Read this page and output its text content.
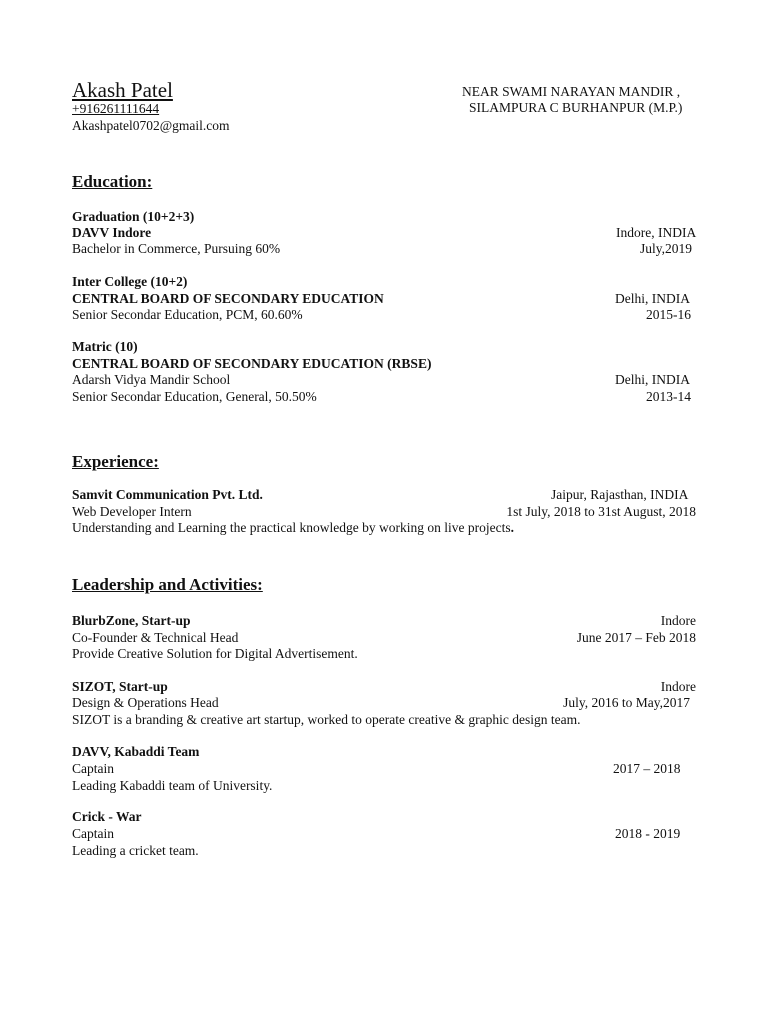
Akash Patel
+916261111644
Akashpatel0702@gmail.com
NEAR SWAMI NARAYAN MANDIR ,
SILAMPURA C BURHANPUR (M.P.)
Education:
Graduation (10+2+3)
DAVV Indore
Bachelor in Commerce, Pursuing 60%
Indore, INDIA
July,2019
Inter College (10+2)
CENTRAL BOARD OF SECONDARY EDUCATION
Senior Secondar Education, PCM, 60.60%
Delhi, INDIA
2015-16
Matric (10)
CENTRAL BOARD OF SECONDARY EDUCATION (RBSE)
Adarsh Vidya Mandir School
Senior Secondar Education, General, 50.50%
Delhi, INDIA
2013-14
Experience:
Samvit Communication Pvt. Ltd.
Web Developer Intern
Understanding and Learning the practical knowledge by working on live projects.
Jaipur, Rajasthan, INDIA
1st July, 2018 to 31st August, 2018
Leadership and Activities:
BlurbZone, Start-up
Co-Founder & Technical Head
Provide Creative Solution for Digital Advertisement.
Indore
June 2017 – Feb 2018
SIZOT, Start-up
Design & Operations Head
SIZOT is a branding & creative art startup, worked to operate creative & graphic design team.
Indore
July, 2016 to May,2017
DAVV, Kabaddi Team
Captain
Leading Kabaddi team of University.
2017 – 2018
Crick - War
Captain
Leading a cricket team.
2018 - 2019
